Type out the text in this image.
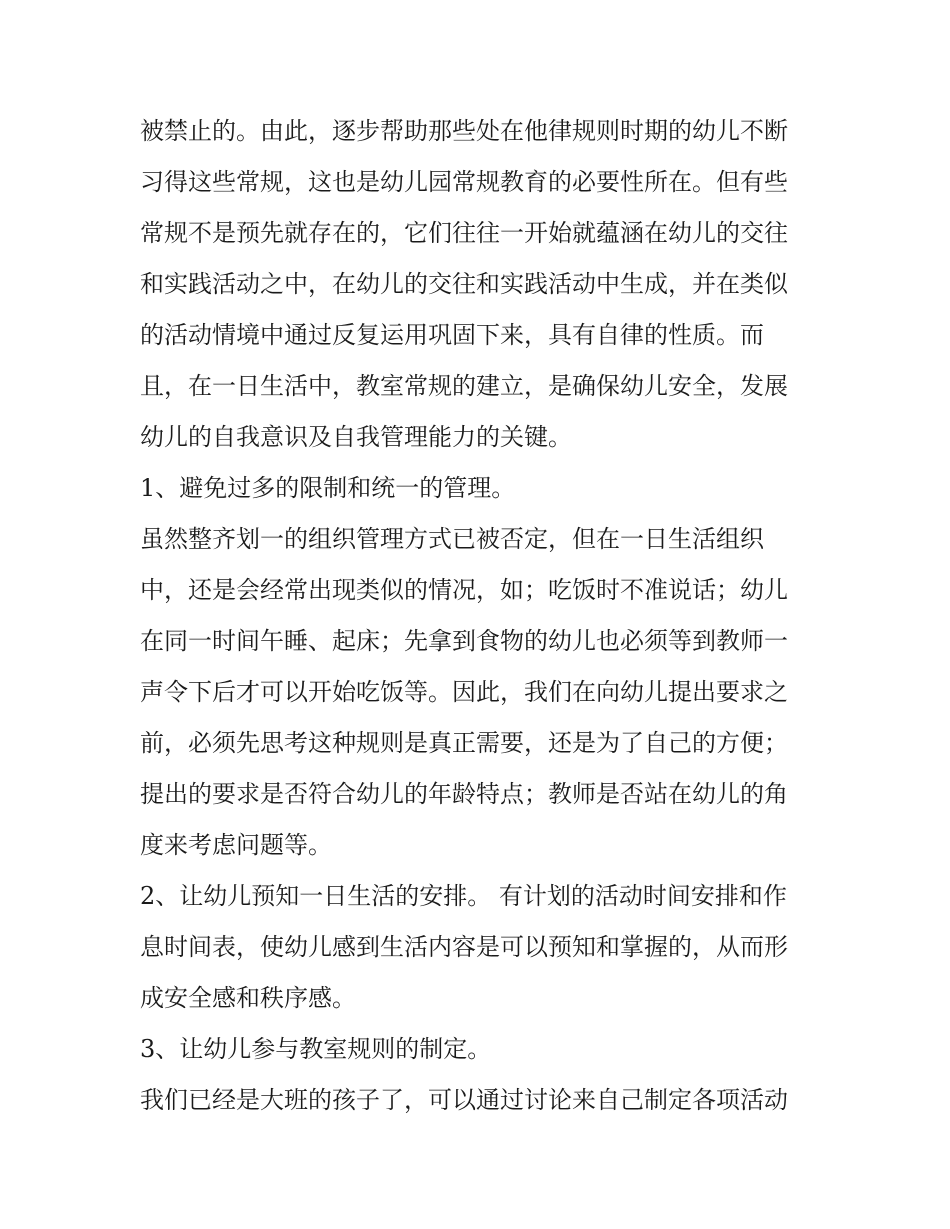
被禁止的。由此，逐步帮助那些处在他律规则时期的幼儿不断
习得这些常规，这也是幼儿园常规教育的必要性所在。但有些
常规不是预先就存在的，它们往往一开始就蕴涵在幼儿的交往
和实践活动之中，在幼儿的交往和实践活动中生成，并在类似
的活动情境中通过反复运用巩固下来，具有自律的性质。而
且，在一日生活中，教室常规的建立，是确保幼儿安全，发展
幼儿的自我意识及自我管理能力的关键。
1、避免过多的限制和统一的管理。
虽然整齐划一的组织管理方式已被否定，但在一日生活组织
中，还是会经常出现类似的情况，如；吃饭时不准说话；幼儿
在同一时间午睡、起床；先拿到食物的幼儿也必须等到教师一
声令下后才可以开始吃饭等。因此，我们在向幼儿提出要求之
前，必须先思考这种规则是真正需要，还是为了自己的方便；
提出的要求是否符合幼儿的年龄特点；教师是否站在幼儿的角
度来考虑问题等。
2、让幼儿预知一日生活的安排。 有计划的活动时间安排和作
息时间表，使幼儿感到生活内容是可以预知和掌握的，从而形
成安全感和秩序感。
3、让幼儿参与教室规则的制定。
我们已经是大班的孩子了，可以通过讨论来自己制定各项活动
